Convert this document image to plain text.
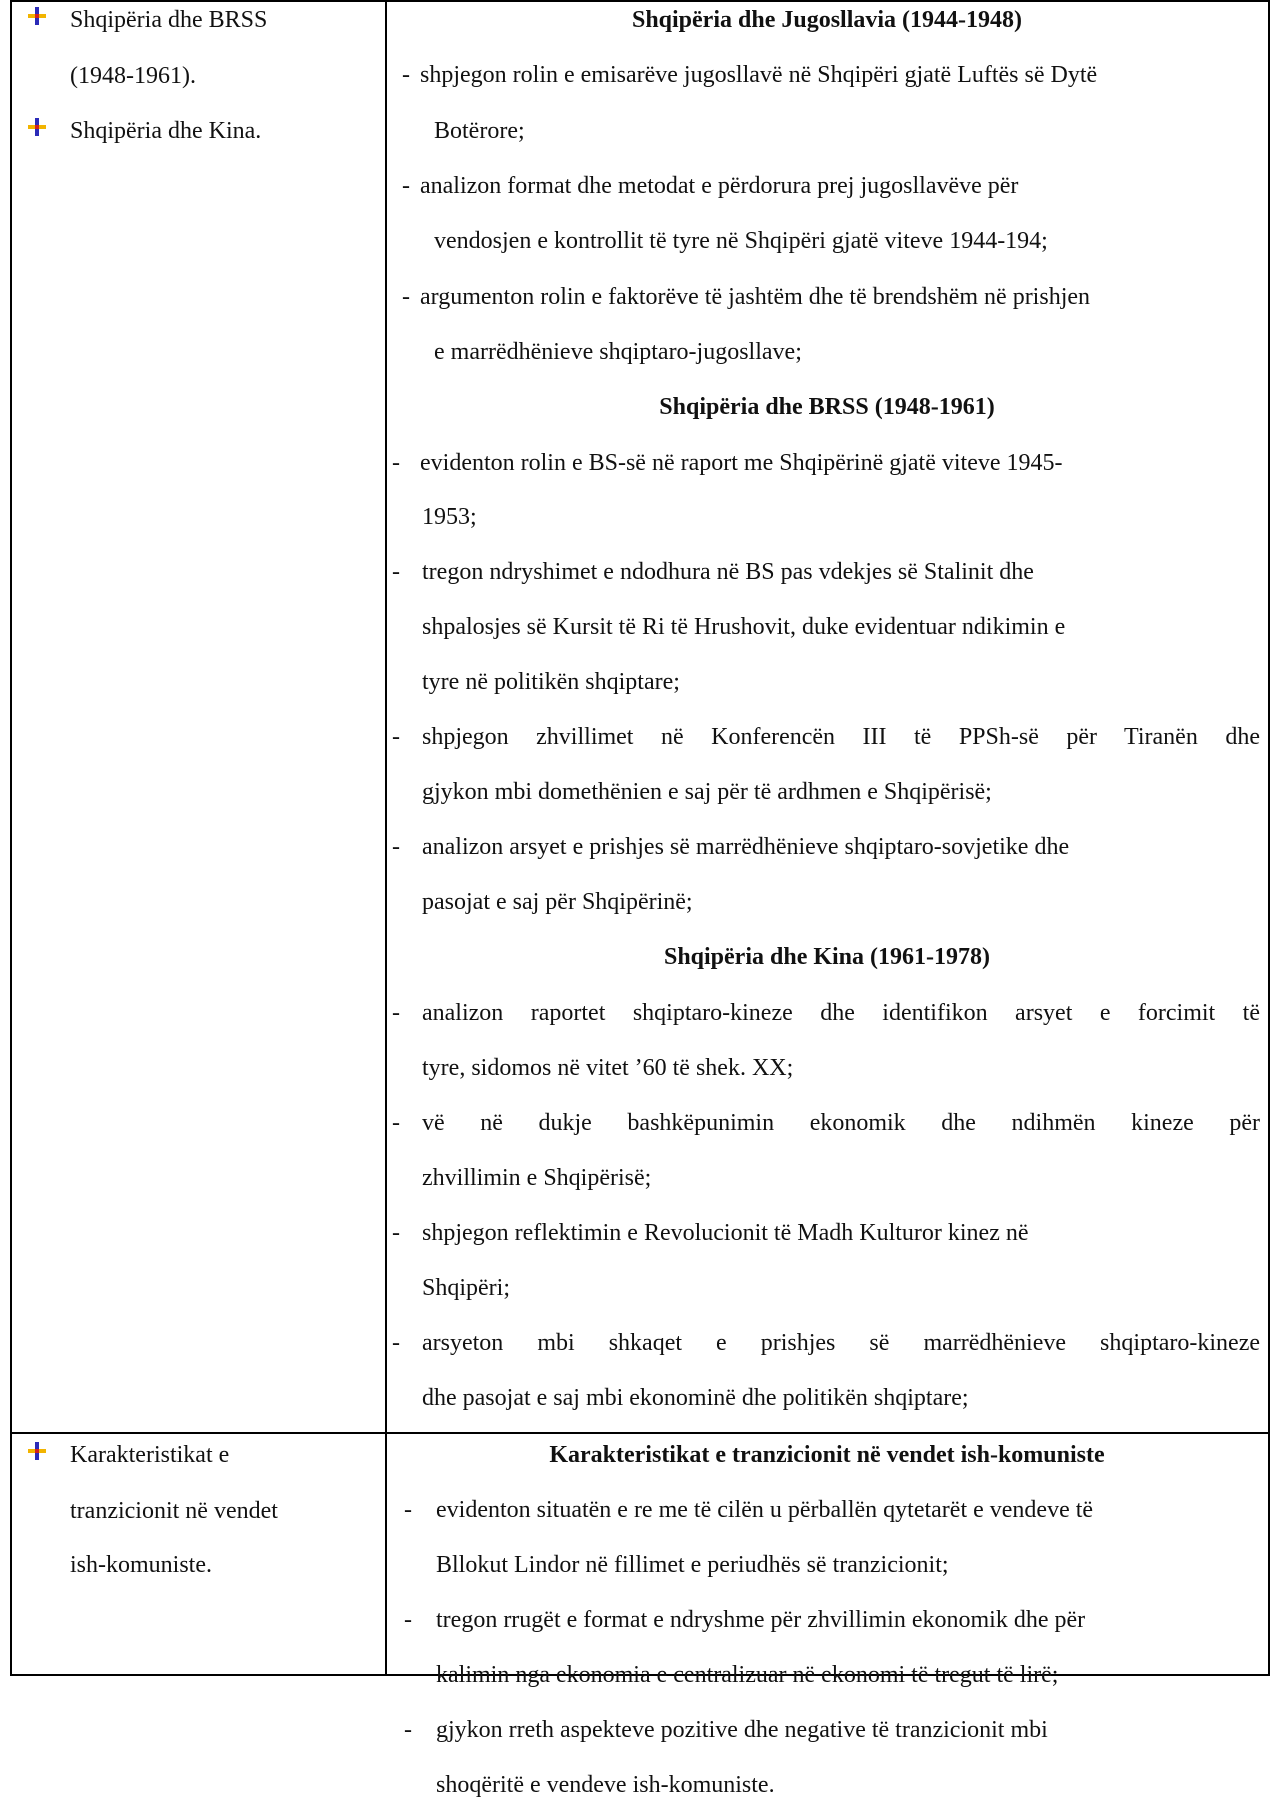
Shqipëria dhe BRSS
(1948-1961).
Shqipëria dhe Kina.
Karakteristikat e
tranzicionit në vendet
ish-komuniste.
Shqipëria dhe Jugosllavia (1944-1948)
- shpjegon rolin e emisarëve jugosllavë në Shqipëri gjatë Luftës së Dytë
Botërore;
- analizon format dhe metodat e përdorura prej jugosllavëve për
vendosjen e kontrollit të tyre në Shqipëri gjatë viteve 1944-194;
- argumenton rolin e faktorëve të jashtëm dhe të brendshëm në prishjen
e marrëdhënieve shqiptaro-jugosllave;
Shqipëria dhe BRSS (1948-1961)
- evidenton rolin e BS-së në raport me Shqipërinë gjatë viteve 1945-
1953;
- tregon ndryshimet e ndodhura në BS pas vdekjes së Stalinit dhe
shpalosjes së Kursit të Ri të Hrushovit, duke evidentuar ndikimin e
tyre në politikën shqiptare;
- shpjegon zhvillimet në Konferencën III të PPSh-së për Tiranën dhe
gjykon mbi domethënien e saj për të ardhmen e Shqipërisë;
- analizon arsyet e prishjes së marrëdhënieve shqiptaro-sovjetike dhe
pasojat e saj për Shqipërinë;
Shqipëria dhe Kina (1961-1978)
- analizon raportet shqiptaro-kineze dhe identifikon arsyet e forcimit të
tyre, sidomos në vitet ’60 të shek. XX;
- vë në dukje bashkëpunimin ekonomik dhe ndihmën kineze për
zhvillimin e Shqipërisë;
- shpjegon reflektimin e Revolucionit të Madh Kulturor kinez në
Shqipëri;
- arsyeton mbi shkaqet e prishjes së marrëdhënieve shqiptaro-kineze
dhe pasojat e saj mbi ekonominë dhe politikën shqiptare;
Karakteristikat e tranzicionit në vendet ish-komuniste
- evidenton situatën e re me të cilën u përballën qytetarët e vendeve të
Bllokut Lindor në fillimet e periudhës së tranzicionit;
- tregon rrugët e format e ndryshme për zhvillimin ekonomik dhe për
kalimin nga ekonomia e centralizuar në ekonomi të tregut të lirë;
- gjykon rreth aspekteve pozitive dhe negative të tranzicionit mbi
shoqëritë e vendeve ish-komuniste.
